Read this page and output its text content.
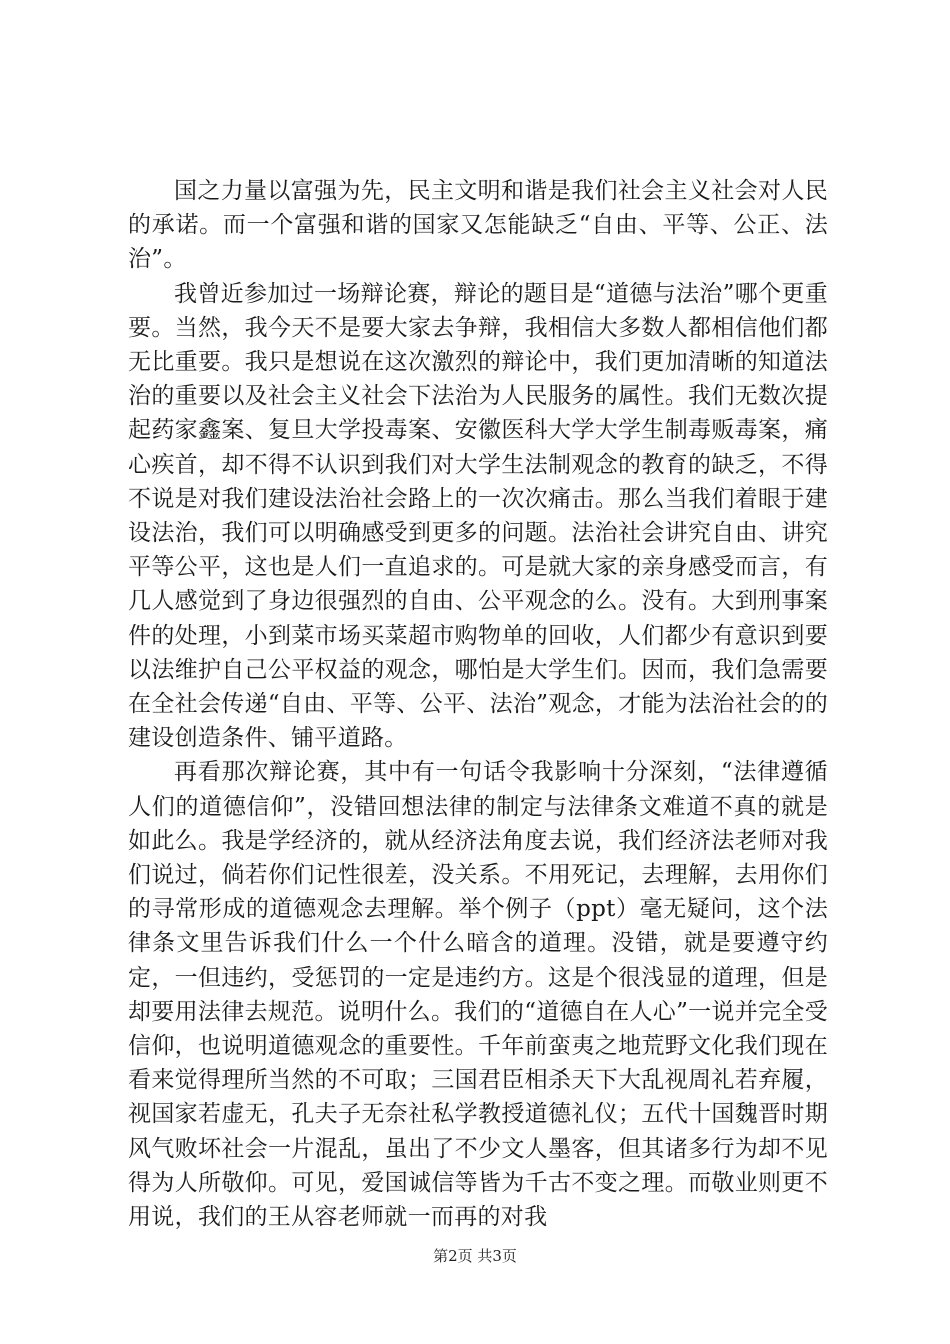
国之力量以富强为先，民主文明和谐是我们社会主义社会对人民的承诺。而一个富强和谐的国家又怎能缺乏“自由、平等、公正、法治”。

我曾近参加过一场辩论赛，辩论的题目是“道德与法治”哪个更重要。当然，我今天不是要大家去争辩，我相信大多数人都相信他们都无比重要。我只是想说在这次激烈的辩论中，我们更加清晰的知道法治的重要以及社会主义社会下法治为人民服务的属性。我们无数次提起药家鑫案、复旦大学投毒案、安徽医科大学大学生制毒贩毒案，痛心疾首，却不得不认识到我们对大学生法制观念的教育的缺乏，不得不说是对我们建设法治社会路上的一次次痛击。那么当我们着眼于建设法治，我们可以明确感受到更多的问题。法治社会讲究自由、讲究平等公平，这也是人们一直追求的。可是就大家的亲身感受而言，有几人感觉到了身边很强烈的自由、公平观念的么。没有。大到刑事案件的处理，小到菜市场买菜超市购物单的回收，人们都少有意识到要以法维护自己公平权益的观念，哪怕是大学生们。因而，我们急需要在全社会传递“自由、平等、公平、法治”观念，才能为法治社会的的建设创造条件、铺平道路。

再看那次辩论赛，其中有一句话令我影响十分深刻，“法律遵循人们的道德信仰”，没错回想法律的制定与法律条文难道不真的就是如此么。我是学经济的，就从经济法角度去说，我们经济法老师对我们说过，倘若你们记性很差，没关系。不用死记，去理解，去用你们的寻常形成的道德观念去理解。举个例子（ppt）毫无疑问，这个法律条文里告诉我们什么一个什么暗含的道理。没错，就是要遵守约定，一但违约，受惩罚的一定是违约方。这是个很浅显的道理，但是却要用法律去规范。说明什么。我们的“道德自在人心”一说并完全受信仰，也说明道德观念的重要性。千年前蛮夷之地荒野文化我们现在看来觉得理所当然的不可取；三国君臣相杀天下大乱视周礼若弃履，视国家若虚无，孔夫子无奈社私学教授道德礼仪；五代十国魏晋时期风气败坏社会一片混乱，虽出了不少文人墨客，但其诸多行为却不见得为人所敬仰。可见，爱国诚信等皆为千古不变之理。而敬业则更不用说，我们的王从容老师就一而再的对我

第2页 共3页
